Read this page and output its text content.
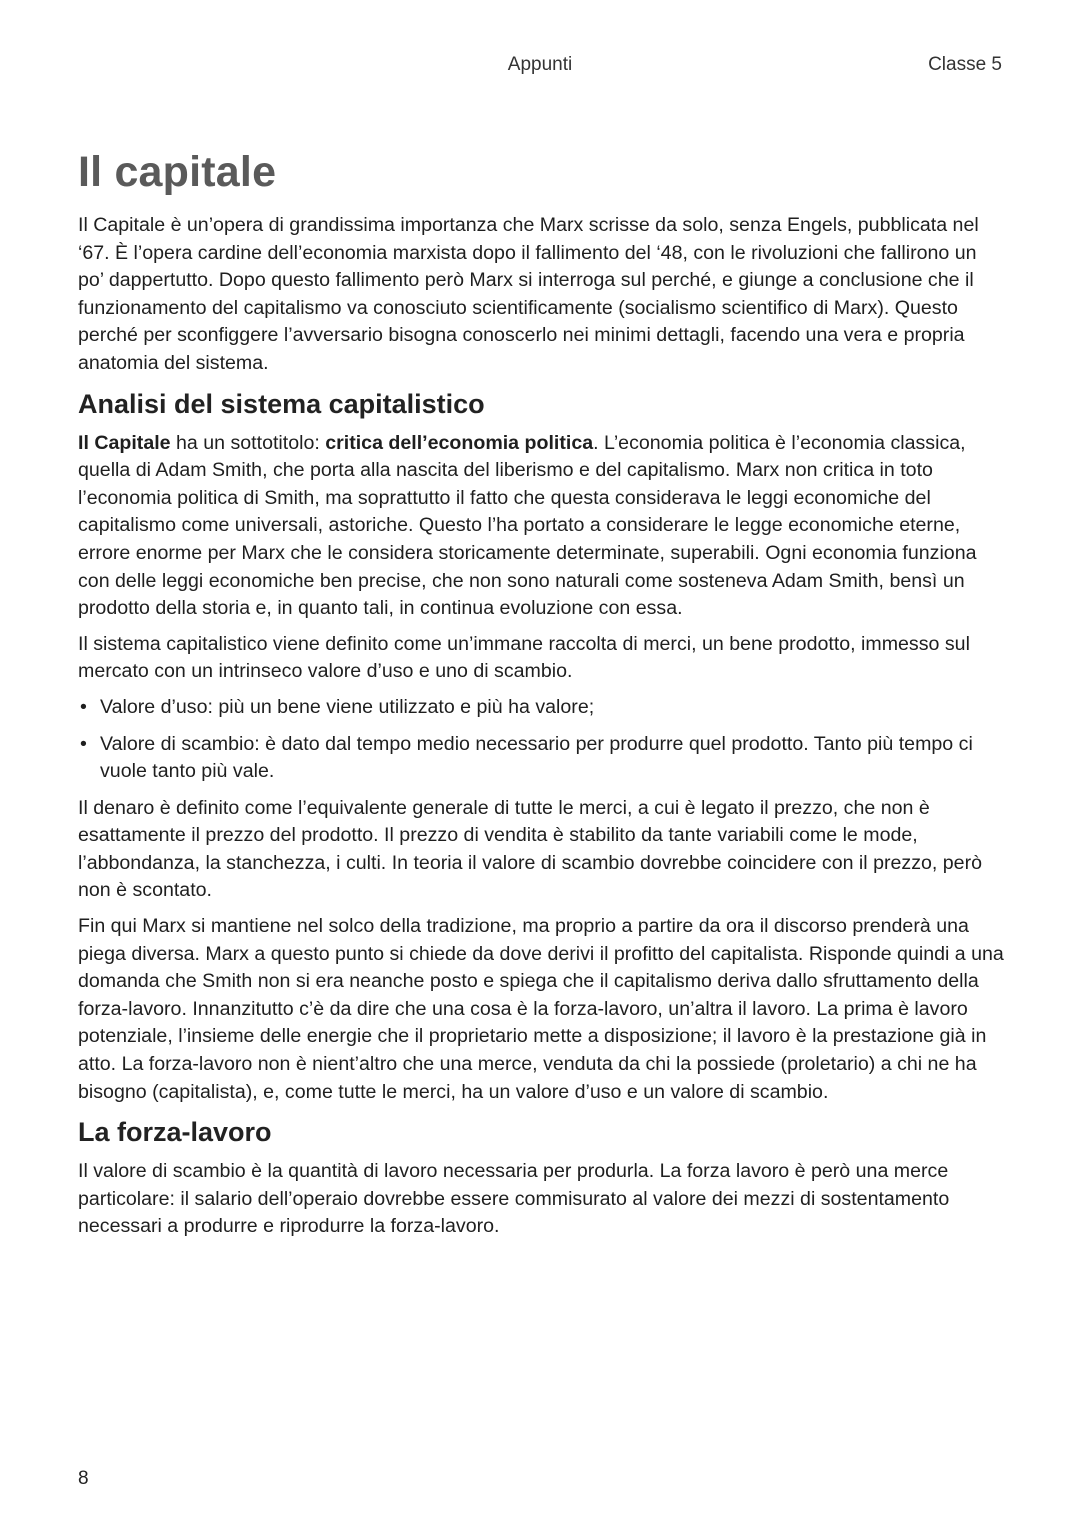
Appunti	Classe 5
Il capitale

Il Capitale è un’opera di grandissima importanza che Marx scrisse da solo, senza Engels, pubblicata nel ‘67. È l’opera cardine dell’economia marxista dopo il fallimento del ‘48, con le rivoluzioni che fallirono un po’ dappertutto. Dopo questo fallimento però Marx si interroga sul perché, e giunge a conclusione che il funzionamento del capitalismo va conosciuto scientificamente (socialismo scientifico di Marx). Questo perché per sconfiggere l’avversario bisogna conoscerlo nei minimi dettagli, facendo una vera e propria anatomia del sistema.

Analisi del sistema capitalistico

Il Capitale ha un sottotitolo: critica dell’economia politica. L’economia politica è l’economia classica, quella di Adam Smith, che porta alla nascita del liberismo e del capitalismo. Marx non critica in toto l’economia politica di Smith, ma soprattutto il fatto che questa considerava le leggi economiche del capitalismo come universali, astoriche. Questo l’ha portato a considerare le legge economiche eterne, errore enorme per Marx che le considera storicamente determinate, superabili. Ogni economia funziona con delle leggi economiche ben precise, che non sono naturali come sosteneva Adam Smith, bensì un prodotto della storia e, in quanto tali, in continua evoluzione con essa.

Il sistema capitalistico viene definito come un’immane raccolta di merci, un bene prodotto, immesso sul mercato con un intrinseco valore d’uso e uno di scambio.

• Valore d’uso: più un bene viene utilizzato e più ha valore;
• Valore di scambio: è dato dal tempo medio necessario per produrre quel prodotto. Tanto più tempo ci vuole tanto più vale.

Il denaro è definito come l’equivalente generale di tutte le merci, a cui è legato il prezzo, che non è esattamente il prezzo del prodotto. Il prezzo di vendita è stabilito da tante variabili come le mode, l’abbondanza, la stanchezza, i culti. In teoria il valore di scambio dovrebbe coincidere con il prezzo, però non è scontato.

Fin qui Marx si mantiene nel solco della tradizione, ma proprio a partire da ora il discorso prenderà una piega diversa. Marx a questo punto si chiede da dove derivi il profitto del capitalista. Risponde quindi a una domanda che Smith non si era neanche posto e spiega che il capitalismo deriva dallo sfruttamento della forza-lavoro. Innanzitutto c’è da dire che una cosa è la forza-lavoro, un’altra il lavoro. La prima è lavoro potenziale, l’insieme delle energie che il proprietario mette a disposizione; il lavoro è la prestazione già in atto. La forza-lavoro non è nient’altro che una merce, venduta da chi la possiede (proletario) a chi ne ha bisogno (capitalista), e, come tutte le merci, ha un valore d’uso e un valore di scambio.

La forza-lavoro

Il valore di scambio è la quantità di lavoro necessaria per produrla. La forza lavoro è però una merce particolare: il salario dell’operaio dovrebbe essere commisurato al valore dei mezzi di sostentamento necessari a produrre e riprodurre la forza-lavoro.

8
